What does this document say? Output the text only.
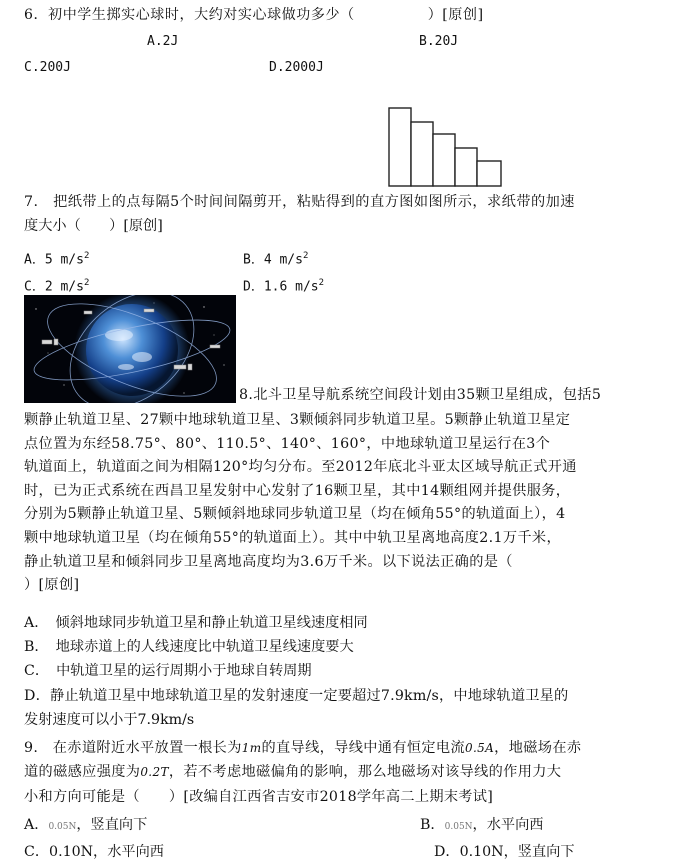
6．初中学生掷实心球时，大约对实心球做功多少（　　　　　）[原创]
A.2J	B.20J
C.200J	D.2000J
7.　把纸带上的点每隔5个时间间隔剪开，粘贴得到的直方图如图所示，求纸带的加速
度大小（　　）[原创]
A．5 $m/s^2$	B．4 $m/s^2$
C．2 $m/s^2$	D．1.6 $m/s^2$
8.北斗卫星导航系统空间段计划由35颗卫星组成，包括5
颗静止轨道卫星、27颗中地球轨道卫星、3颗倾斜同步轨道卫星。5颗静止轨道卫星定
点位置为东经58.75°、80°、110.5°、140°、160°，中地球轨道卫星运行在3个
轨道面上，轨道面之间为相隔120°均匀分布。至2012年底北斗亚太区域导航正式开通
时，已为正式系统在西昌卫星发射中心发射了16颗卫星，其中14颗组网并提供服务，
分别为5颗静止轨道卫星、5颗倾斜地球同步轨道卫星（均在倾角55°的轨道面上），4
颗中地球轨道卫星（均在倾角55°的轨道面上）。其中中轨卫星离地高度2.1万千米，
静止轨道卫星和倾斜同步卫星离地高度均为3.6万千米。以下说法正确的是（
）[原创]
A．　倾斜地球同步轨道卫星和静止轨道卫星线速度相同
B．　地球赤道上的人线速度比中轨道卫星线速度要大
C．　中轨道卫星的运行周期小于地球自转周期
D．静止轨道卫星中地球轨道卫星的发射速度一定要超过7.9km/s，中地球轨道卫星的
发射速度可以小于7.9km/s
9.　在赤道附近水平放置一根长为1m的直导线，导线中通有恒定电流0.5A，地磁场在赤
道的磁感应强度为0.2T，若不考虑地磁偏角的影响，那么地磁场对该导线的作用力大
小和方向可能是（　　）[改编自江西省吉安市2018学年高二上期末考试]
A．0.05N，竖直向下	B．0.05N，水平向西
C．0.10N，水平向西	D．0.10N，竖直向下
